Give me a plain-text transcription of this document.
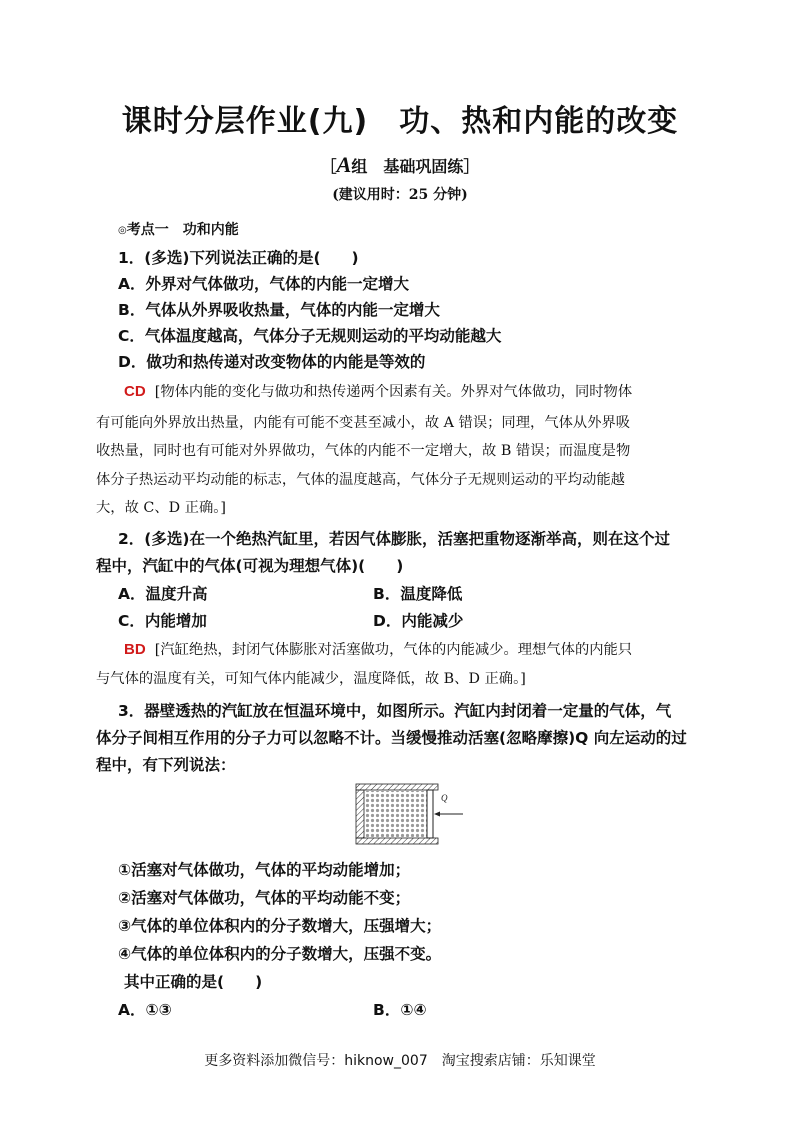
课时分层作业(九)　功、热和内能的改变
［A组　基础巩固练］
(建议用时：25 分钟)
◎考点一　功和内能
1．(多选)下列说法正确的是(　　)
A．外界对气体做功，气体的内能一定增大
B．气体从外界吸收热量，气体的内能一定增大
C．气体温度越高，气体分子无规则运动的平均动能越大
D．做功和热传递对改变物体的内能是等效的
CD [物体内能的变化与做功和热传递两个因素有关。外界对气体做功，同时物体
有可能向外界放出热量，内能有可能不变甚至减小，故 A 错误；同理，气体从外界吸
收热量，同时也有可能对外界做功，气体的内能不一定增大，故 B 错误；而温度是物
体分子热运动平均动能的标志，气体的温度越高，气体分子无规则运动的平均动能越
大，故 C、D 正确。]
2．(多选)在一个绝热汽缸里，若因气体膨胀，活塞把重物逐渐举高，则在这个过
程中，汽缸中的气体(可视为理想气体)(　　)
A．温度升高	B．温度降低
C．内能增加	D．内能减少
BD [汽缸绝热，封闭气体膨胀对活塞做功，气体的内能减少。理想气体的内能只
与气体的温度有关，可知气体内能减少，温度降低，故 B、D 正确。]
3．器壁透热的汽缸放在恒温环境中，如图所示。汽缸内封闭着一定量的气体，气
体分子间相互作用的分子力可以忽略不计。当缓慢推动活塞(忽略摩擦)Q 向左运动的过
程中，有下列说法：
Q
①活塞对气体做功，气体的平均动能增加；
②活塞对气体做功，气体的平均动能不变；
③气体的单位体积内的分子数增大，压强增大；
④气体的单位体积内的分子数增大，压强不变。
其中正确的是(　　)
A．①③	B．①④
更多资料添加微信号：hiknow_007　淘宝搜索店铺：乐知课堂
